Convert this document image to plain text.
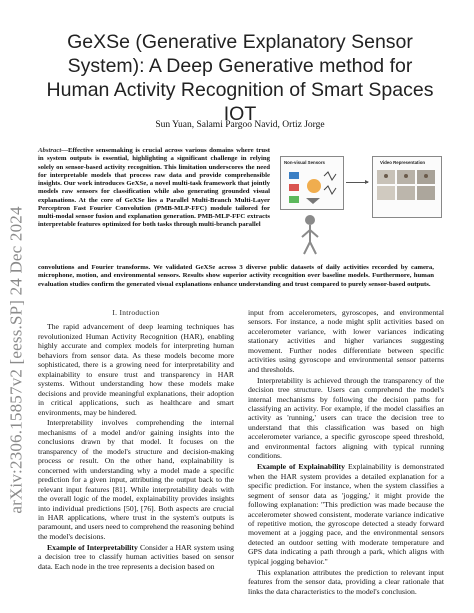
arXiv:2306.15857v2 [eess.SP] 24 Dec 2024
GeXSe (Generative Explanatory Sensor System): A Deep Generative method for Human Activity Recognition of Smart Spaces IOT
Sun Yuan, Salami Pargoo Navid, Ortiz Jorge
Abstract—Effective sensemaking is crucial across various domains where trust in system outputs is essential, highlighting a significant challenge in relying solely on sensor-based activity recognition. This limitation underscores the need for interpretable models that process raw data and provide comprehensible insights. Our work introduces GeXSe, a novel multi-task framework that jointly models raw sensors for classification while also generating grounded visual explanations. At the core of GeXSe lies a Parallel Multi-Branch Multi-Layer Perceptron Fast Fourier Convolution (PMB-MLP-FFC) module tailored for multi-modal sensor fusion and explanation generation. PMB-MLP-FFC extracts interpretable features optimized for both tasks through multi-branch parallel
convolutions and Fourier transforms. We validated GeXSe across 3 diverse public datasets of daily activities recorded by camera, microphone, motion, and environmental sensors. Results show superior activity recognition over baseline models. Furthermore, human evaluation studies confirm the generated visual explanations enhance understanding and trust compared to purely sensor-based outputs.
Non-visual Sensors	Video Representation
I. Introduction

The rapid advancement of deep learning techniques has revolutionized Human Activity Recognition (HAR), enabling highly accurate and complex models for interpreting human behaviors from sensor data. As these models become more sophisticated, there is a growing need for interpretability and explainability to ensure trust and transparency in HAR systems. Without understanding how these models make decisions and provide meaningful explanations, their adoption in critical applications, such as healthcare and smart environments, may be hindered.

Interpretability involves comprehending the internal mechanisms of a model and/or gaining insights into the conclusions drawn by that model. It focuses on the transparency of the model's structure and decision-making process or result. On the other hand, explainability is concerned with understanding why a model made a specific prediction for a given input, attributing the output back to the relevant input features [81]. While interpretability deals with the overall logic of the model, explainability provides insights into individual predictions [50], [76]. Both aspects are crucial in HAR applications, where trust in the system's outputs is paramount, and users need to comprehend the reasoning behind the model's decisions.

Example of Interpretability Consider a HAR system using a decision tree to classify human activities based on sensor data. Each node in the tree represents a decision based on

input from accelerometers, gyroscopes, and environmental sensors. For instance, a node might split activities based on accelerometer variance, with lower variances indicating stationary activities and higher variances suggesting movement. Further nodes differentiate between specific activities using gyroscope and environmental sensor patterns and thresholds.

Interpretability is achieved through the transparency of the decision tree structure. Users can comprehend the model's internal mechanisms by following the decision paths for classifying an activity. For example, if the model classifies an activity as 'running,' users can trace the decision tree to understand that this classification was based on high accelerometer variance, a specific gyroscope speed threshold, and environmental factors aligning with typical running conditions.

Example of Explainability Explainability is demonstrated when the HAR system provides a detailed explanation for a specific prediction. For instance, when the system classifies a segment of sensor data as 'jogging,' it might provide the following explanation: "This prediction was made because the accelerometer showed consistent, moderate variance indicative of repetitive motion, the gyroscope detected a steady forward movement at a jogging pace, and the environmental sensors detected an outdoor setting with moderate temperature and GPS data indicating a path through a park, which aligns with typical jogging behavior."

This explanation attributes the prediction to relevant input features from the sensor data, providing a clear rationale that links the data characteristics to the model's conclusion.
